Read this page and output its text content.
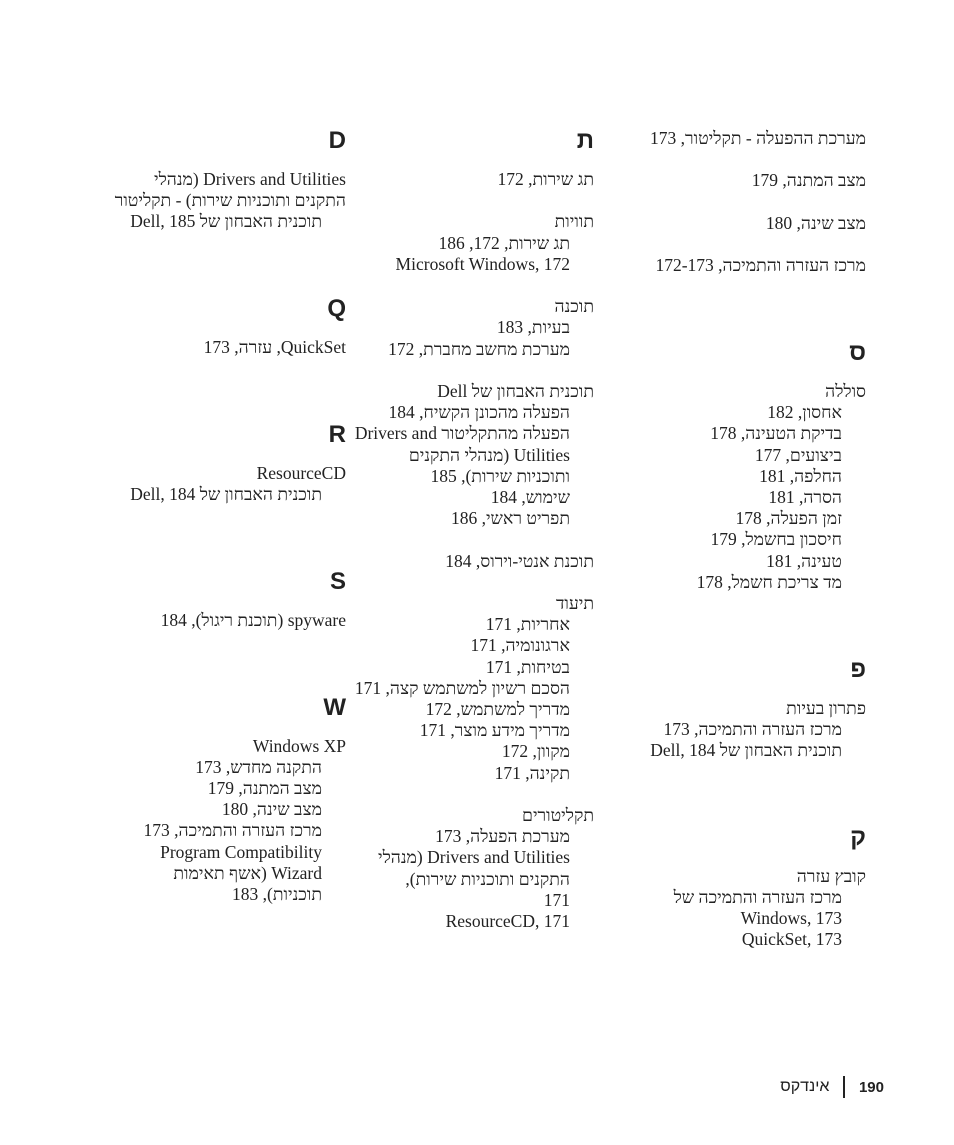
מערכת ההפעלה - תקליטור, 173
מצב המתנה, 179
מצב שינה, 180
מרכז העזרה והתמיכה, 172-173
ס
סוללה
אחסון, 182
בדיקת הטעינה, 178
ביצועים, 177
החלפה, 181
הסרה, 181
זמן הפעלה, 178
חיסכון בחשמל, 179
טעינה, 181
מד צריכת חשמל, 178
פ
פתרון בעיות
מרכז העזרה והתמיכה, 173
תוכנית האבחון של Dell, 184
ק
קובץ עזרה
מרכז העזרה והתמיכה של
Windows, 173
QuickSet, 173
ת
תג שירות, 172
תוויות
תג שירות, 172, 186
Microsoft Windows, 172
תוכנה
בעיות, 183
מערכת מחשב מחברת, 172
תוכנית האבחון של Dell
הפעלה מהכונן הקשיח, 184
הפעלה מהתקליטור Drivers and
Utilities (מנהלי התקנים
ותוכניות שירות), 185
שימוש, 184
תפריט ראשי, 186
תוכנת אנטי-וירוס, 184
תיעוד
אחריות, 171
ארגונומיה, 171
בטיחות, 171
הסכם רשיון למשתמש קצה, 171
מדריך למשתמש, 172
מדריך מידע מוצר, 171
מקוון, 172
תקינה, 171
תקליטורים
מערכת הפעלה, 173
Drivers and Utilities (מנהלי
התקנים ותוכניות שירות),
171
ResourceCD, 171
D
Drivers and Utilities (מנהלי
התקנים ותוכניות שירות) - תקליטור
תוכנית האבחון של Dell, 185
Q
QuickSet, עזרה, 173
R
ResourceCD
תוכנית האבחון של Dell, 184
S
spyware (תוכנת ריגול), 184
W
Windows XP
התקנה מחדש, 173
מצב המתנה, 179
מצב שינה, 180
מרכז העזרה והתמיכה, 173
Program Compatibility
Wizard (אשף תאימות
תוכניות), 183
190
אינדקס
